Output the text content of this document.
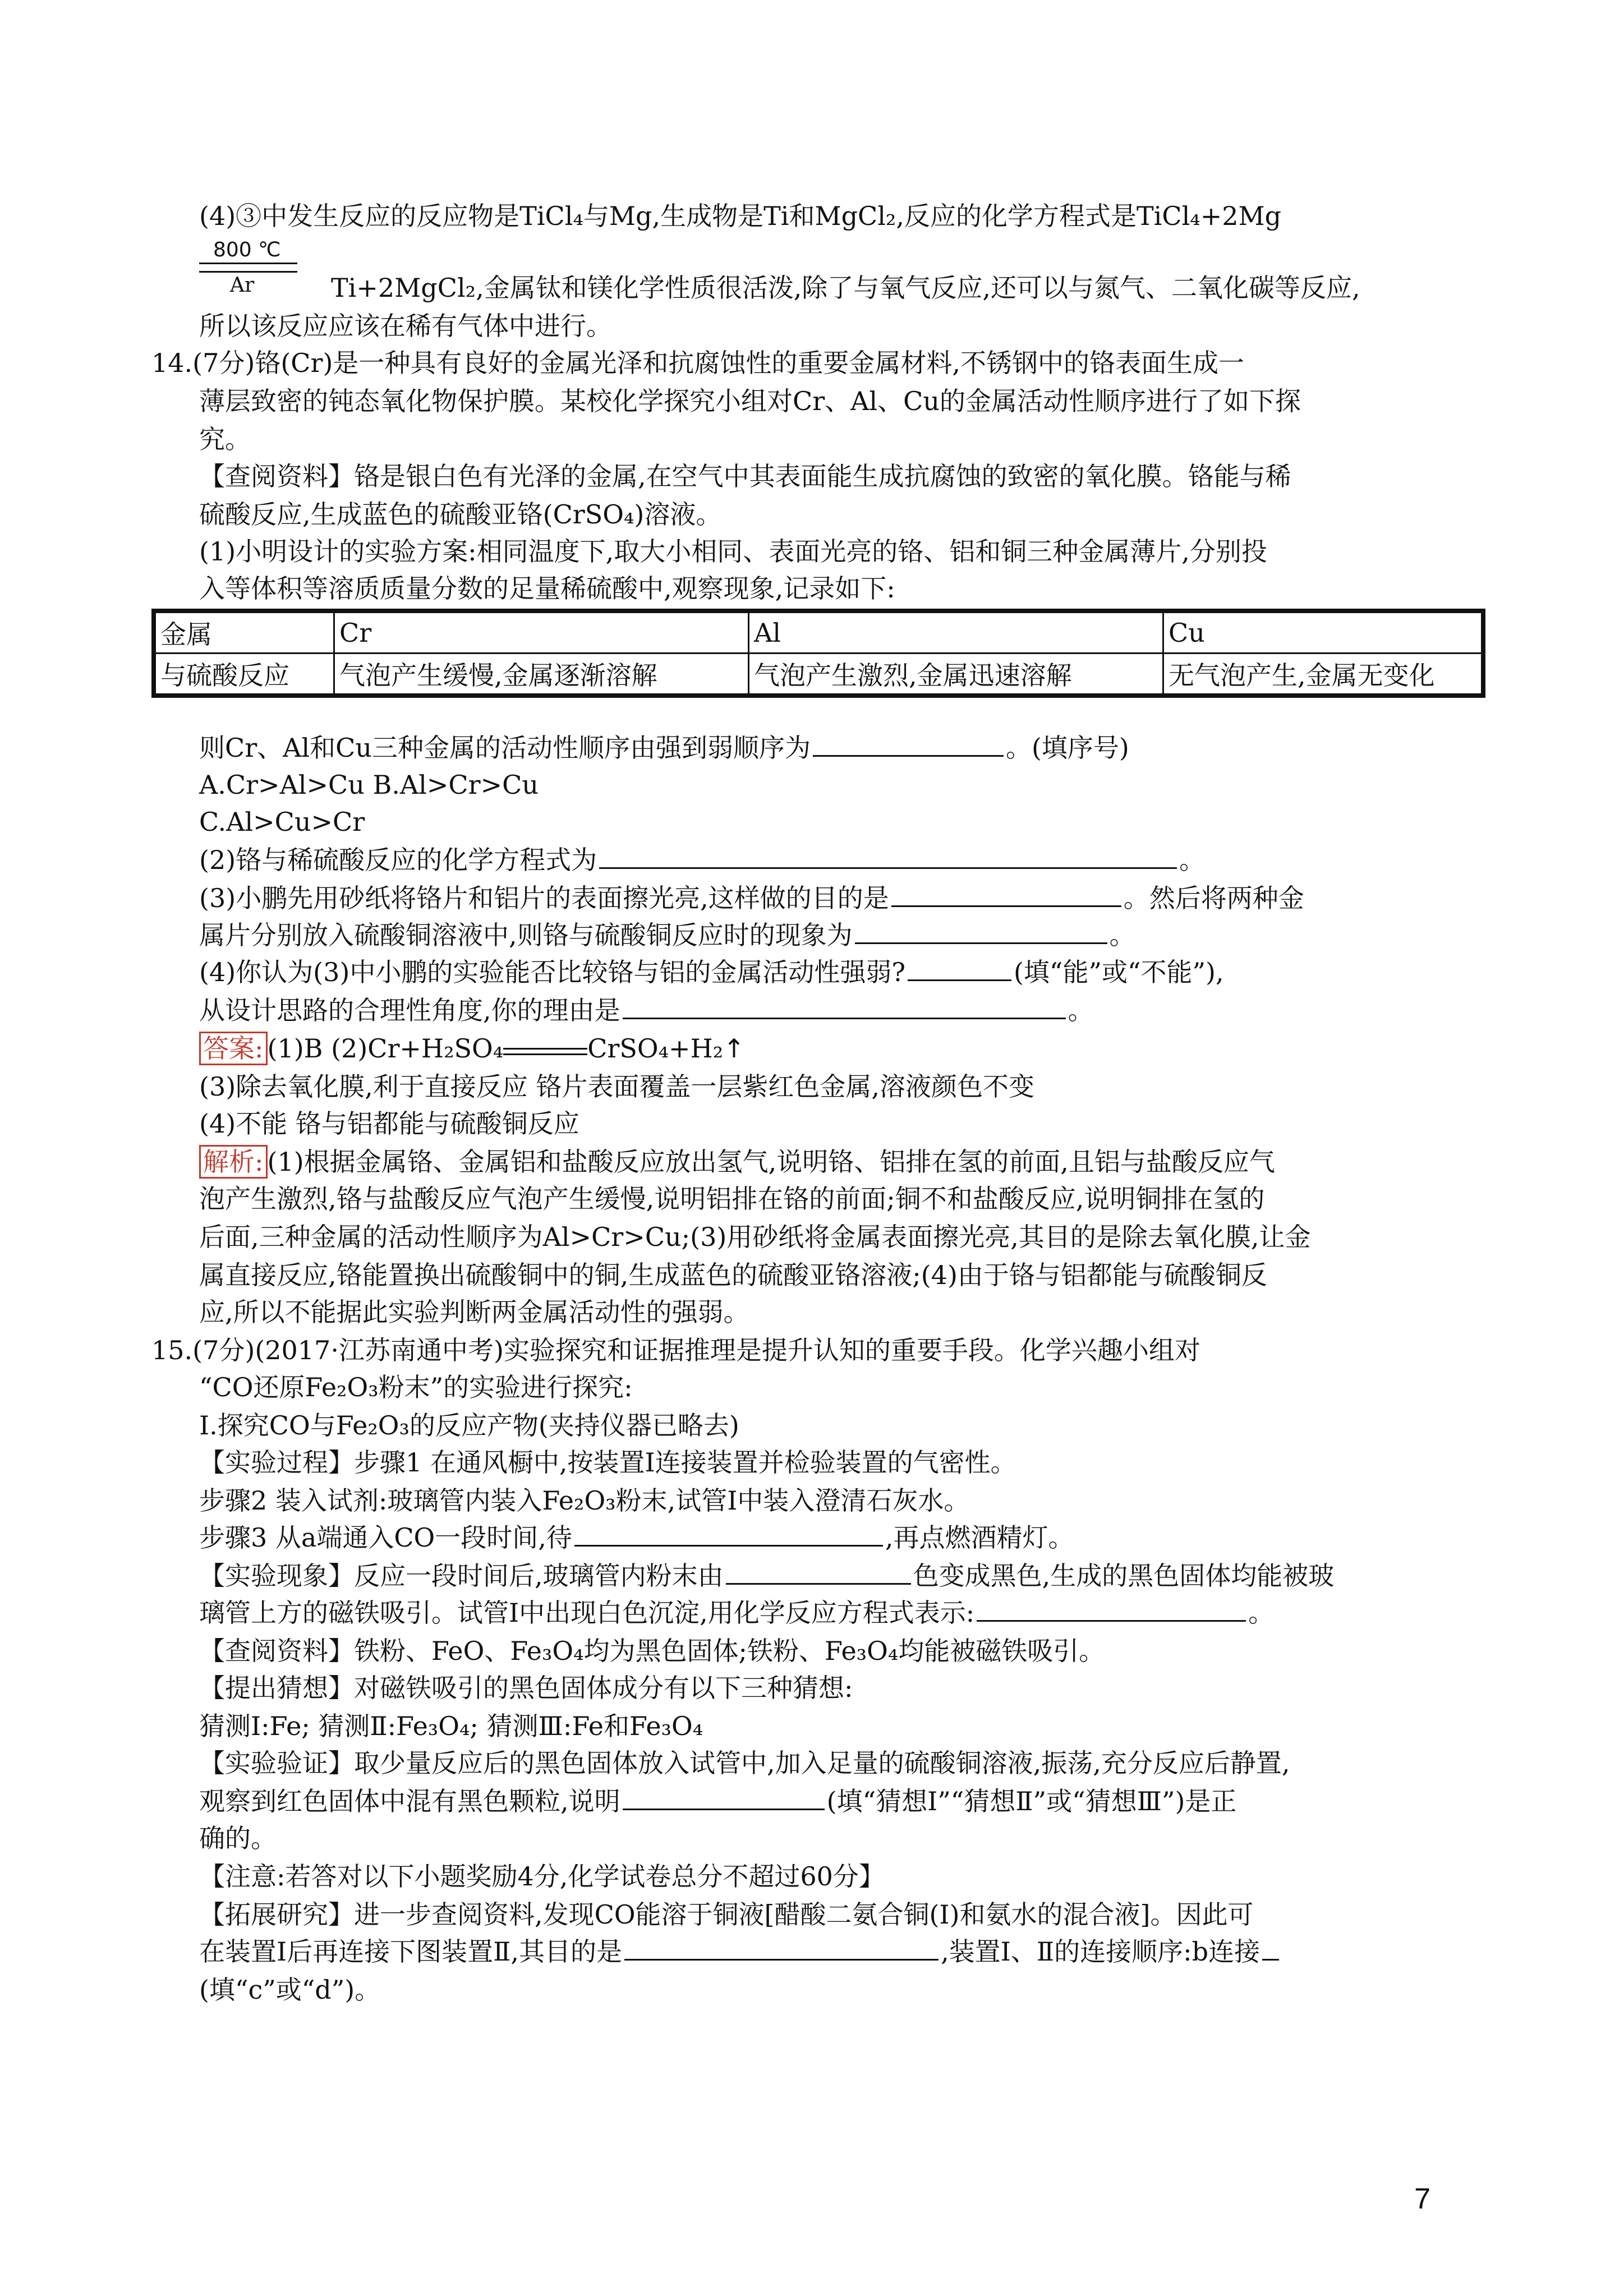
(4)③中发生反应的反应物是TiCl₄与Mg,生成物是Ti和MgCl₂,反应的化学方程式是TiCl₄+2Mg
800 ℃
Ar	Ti+2MgCl₂,金属钛和镁化学性质很活泼,除了与氧气反应,还可以与氮气、二氧化碳等反应,
所以该反应应该在稀有气体中进行。
14.(7分)铬(Cr)是一种具有良好的金属光泽和抗腐蚀性的重要金属材料,不锈钢中的铬表面生成一
薄层致密的钝态氧化物保护膜。某校化学探究小组对Cr、Al、Cu的金属活动性顺序进行了如下探
究。
【查阅资料】铬是银白色有光泽的金属,在空气中其表面能生成抗腐蚀的致密的氧化膜。铬能与稀
硫酸反应,生成蓝色的硫酸亚铬(CrSO₄)溶液。
(1)小明设计的实验方案:相同温度下,取大小相同、表面光亮的铬、铝和铜三种金属薄片,分别投
入等体积等溶质质量分数的足量稀硫酸中,观察现象,记录如下:
金属	Cr	Al	Cu
与硫酸反应	气泡产生缓慢,金属逐渐溶解	气泡产生激烈,金属迅速溶解	无气泡产生,金属无变化
则Cr、Al和Cu三种金属的活动性顺序由强到弱顺序为	。(填序号)
A.Cr>Al>Cu B.Al>Cr>Cu
C.Al>Cu>Cr
(2)铬与稀硫酸反应的化学方程式为	。
(3)小鹏先用砂纸将铬片和铝片的表面擦光亮,这样做的目的是	。然后将两种金
属片分别放入硫酸铜溶液中,则铬与硫酸铜反应时的现象为	。
(4)你认为(3)中小鹏的实验能否比较铬与铝的金属活动性强弱?	(填“能”或“不能”),
从设计思路的合理性角度,你的理由是	。
答案: (1)B (2)Cr+H₂SO₄	CrSO₄+H₂↑
(3)除去氧化膜,利于直接反应 铬片表面覆盖一层紫红色金属,溶液颜色不变
(4)不能 铬与铝都能与硫酸铜反应
解析: (1)根据金属铬、金属铝和盐酸反应放出氢气,说明铬、铝排在氢的前面,且铝与盐酸反应气
泡产生激烈,铬与盐酸反应气泡产生缓慢,说明铝排在铬的前面;铜不和盐酸反应,说明铜排在氢的
后面,三种金属的活动性顺序为Al>Cr>Cu;(3)用砂纸将金属表面擦光亮,其目的是除去氧化膜,让金
属直接反应,铬能置换出硫酸铜中的铜,生成蓝色的硫酸亚铬溶液;(4)由于铬与铝都能与硫酸铜反
应,所以不能据此实验判断两金属活动性的强弱。
15.(7分)(2017·江苏南通中考)实验探究和证据推理是提升认知的重要手段。化学兴趣小组对
“CO还原Fe₂O₃粉末”的实验进行探究:
Ⅰ.探究CO与Fe₂O₃的反应产物(夹持仪器已略去)
【实验过程】步骤1 在通风橱中,按装置Ⅰ连接装置并检验装置的气密性。
步骤2 装入试剂:玻璃管内装入Fe₂O₃粉末,试管Ⅰ中装入澄清石灰水。
步骤3 从a端通入CO一段时间,待	,再点燃酒精灯。
【实验现象】反应一段时间后,玻璃管内粉末由	色变成黑色,生成的黑色固体均能被玻
璃管上方的磁铁吸引。试管Ⅰ中出现白色沉淀,用化学反应方程式表示:	。
【查阅资料】铁粉、FeO、Fe₃O₄均为黑色固体;铁粉、Fe₃O₄均能被磁铁吸引。
【提出猜想】对磁铁吸引的黑色固体成分有以下三种猜想:
猜测Ⅰ:Fe; 猜测Ⅱ:Fe₃O₄; 猜测Ⅲ:Fe和Fe₃O₄
【实验验证】取少量反应后的黑色固体放入试管中,加入足量的硫酸铜溶液,振荡,充分反应后静置,
观察到红色固体中混有黑色颗粒,说明	(填“猜想Ⅰ”“猜想Ⅱ”或“猜想Ⅲ”)是正
确的。
【注意:若答对以下小题奖励4分,化学试卷总分不超过60分】
【拓展研究】进一步查阅资料,发现CO能溶于铜液[醋酸二氨合铜(Ⅰ)和氨水的混合液]。因此可
在装置Ⅰ后再连接下图装置Ⅱ,其目的是	,装置Ⅰ、Ⅱ的连接顺序:b连接
(填“c”或“d”)。
7
